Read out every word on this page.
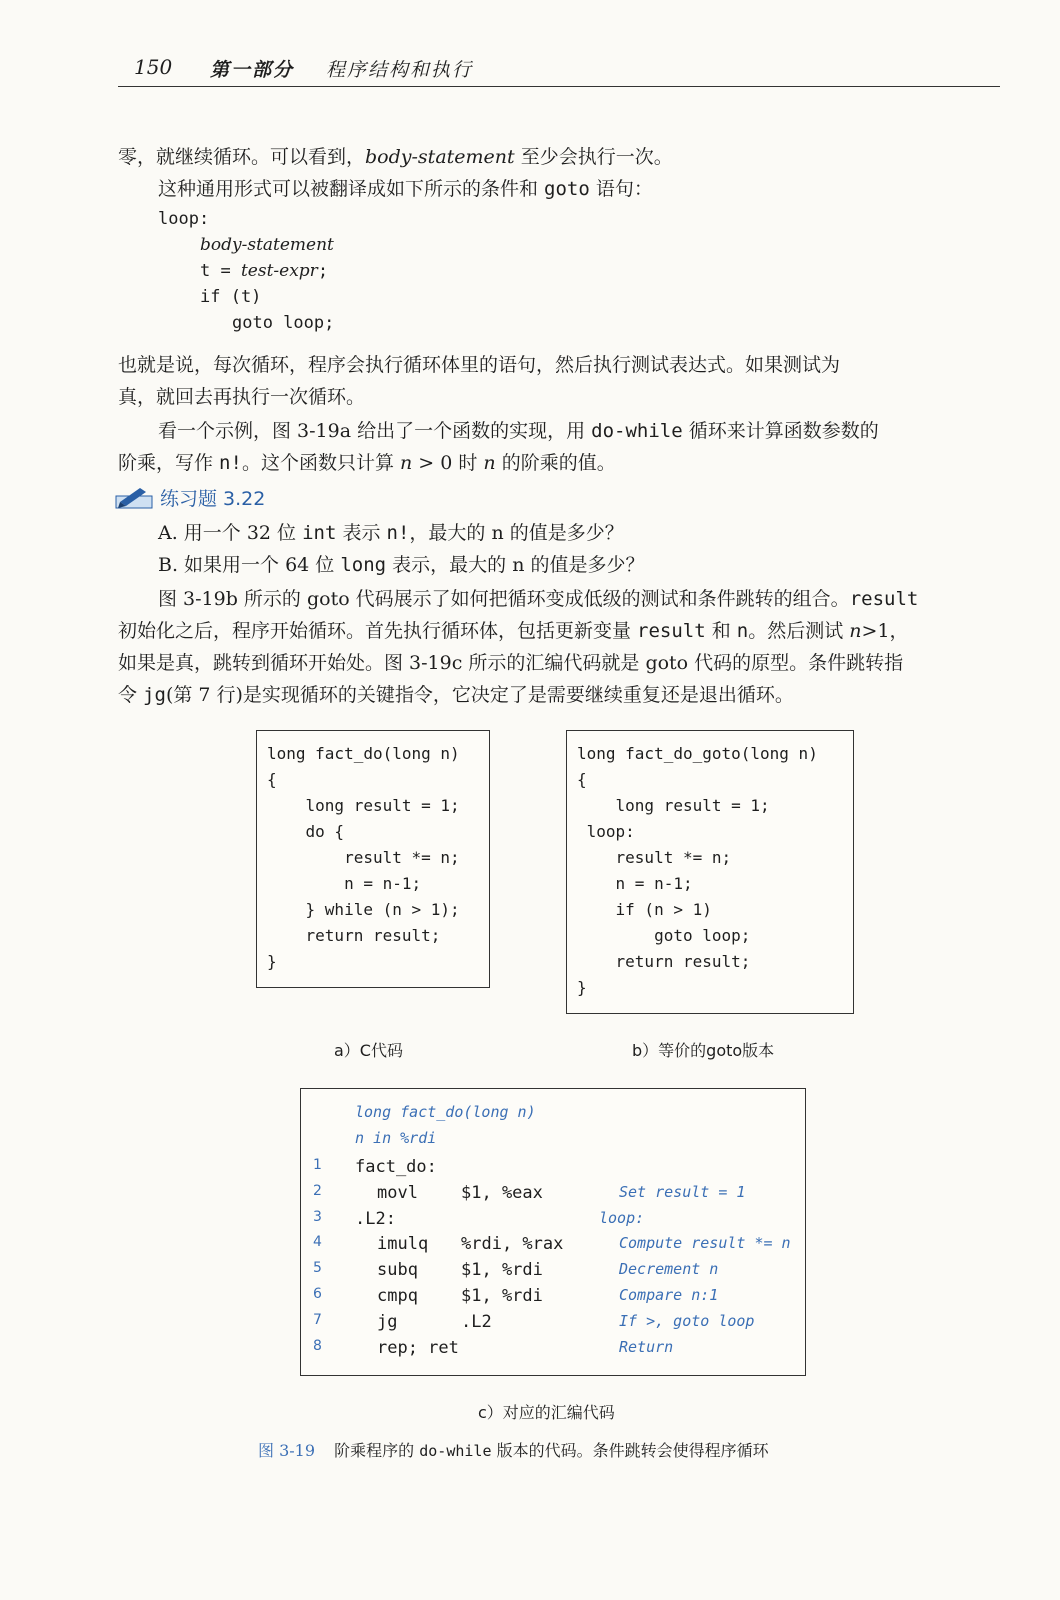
150 第一部分 程序结构和执行
零，就继续循环。可以看到，body-statement 至少会执行一次。
这种通用形式可以被翻译成如下所示的条件和 goto 语句：
loop:
body-statement
t = test-expr;
if (t)
goto loop;
也就是说，每次循环，程序会执行循环体里的语句，然后执行测试表达式。如果测试为
真，就回去再执行一次循环。
看一个示例，图 3-19a 给出了一个函数的实现，用 do-while 循环来计算函数参数的
阶乘，写作 n!。这个函数只计算 n > 0 时 n 的阶乘的值。
练习题 3.22
A. 用一个 32 位 int 表示 n!，最大的 n 的值是多少？
B. 如果用一个 64 位 long 表示，最大的 n 的值是多少？
图 3-19b 所示的 goto 代码展示了如何把循环变成低级的测试和条件跳转的组合。result
初始化之后，程序开始循环。首先执行循环体，包括更新变量 result 和 n。然后测试 n>1，
如果是真，跳转到循环开始处。图 3-19c 所示的汇编代码就是 goto 代码的原型。条件跳转指
令 jg(第 7 行)是实现循环的关键指令，它决定了是需要继续重复还是退出循环。
long fact_do(long n)
{
long result = 1;
do {
result *= n;
n = n-1;
} while (n > 1);
return result;
}
a）C代码
long fact_do_goto(long n)
{
long result = 1;
loop:
result *= n;
n = n-1;
if (n > 1)
goto loop;
return result;
}
b）等价的goto版本
long fact_do(long n)
n in %rdi
1 fact_do:
2	movl	$1, %eax	Set result = 1
3 .L2:	loop:
4	imulq %rdi, %rax	Compute result *= n
5	subq	$1, %rdi	Decrement n
6	cmpq	$1, %rdi	Compare n:1
7	jg	.L2	If >, goto loop
8	rep; ret	Return
c）对应的汇编代码
图 3-19 阶乘程序的 do-while 版本的代码。条件跳转会使得程序循环
